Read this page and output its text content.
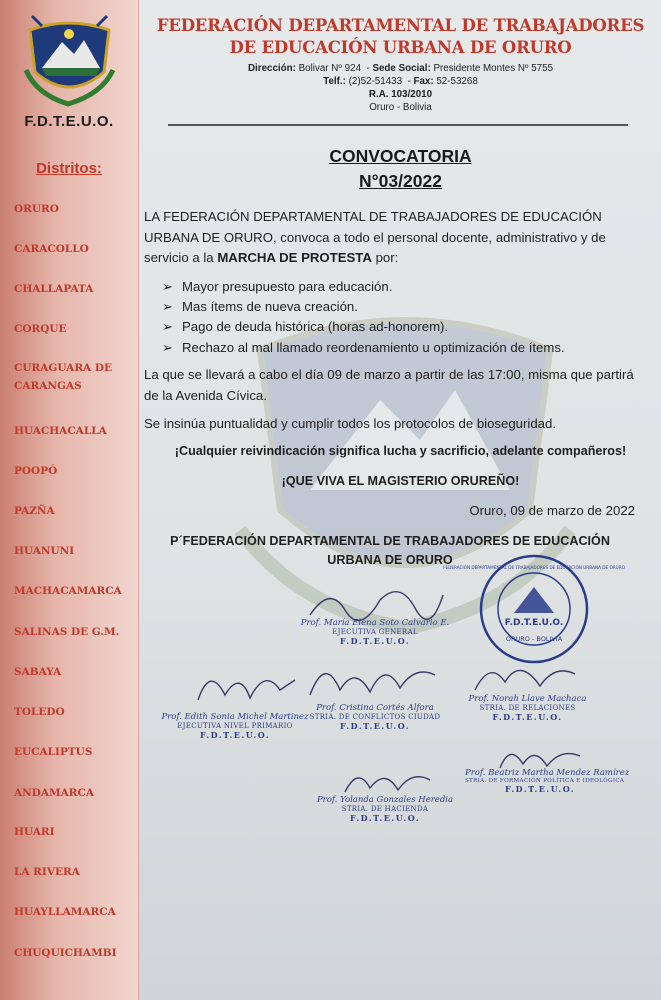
F.D.T.E.U.O.
Distritos:
ORURO
CARACOLLO
CHALLAPATA
CORQUE
CURAGUARA DE CARANGAS
HUACHACALLA
POOPÓ
PAZÑA
HUANUNI
MACHACAMARCA
SALINAS DE G.M.
SABAYA
TOLEDO
EUCALIPTUS
ANDAMARCA
HUARI
LA RIVERA
HUAYLLAMARCA
CHUQUICHAMBI
FEDERACIÓN DEPARTAMENTAL DE TRABAJADORES
DE EDUCACIÓN URBANA DE ORURO
Dirección: Bolivar Nº 924  - Sede Social: Presidente Montes Nº 5755
Telf.: (2)52-51433  - Fax: 52-53268
R.A. 103/2010
Oruro - Bolivia
CONVOCATORIA
N°03/2022
LA FEDERACIÓN DEPARTAMENTAL DE TRABAJADORES DE EDUCACIÓN URBANA DE ORURO, convoca a todo el personal docente, administrativo y de servicio a la MARCHA DE PROTESTA por:
➢ Mayor presupuesto para educación.
➢ Mas ítems de nueva creación.
➢ Pago de deuda histórica (horas ad-honorem).
➢ Rechazo al mal llamado reordenamiento u optimización de ítems.
La que se llevará a cabo el día 09 de marzo a partir de las 17:00, misma que partirá de la Avenida Cívica.
Se insinúa puntualidad y cumplir todos los protocolos de bioseguridad.
¡Cualquier reivindicación significa lucha y sacrificio, adelante compañeros!
¡QUE VIVA EL MAGISTERIO ORUREÑO!
Oruro, 09 de marzo de 2022
P´FEDERACIÓN DEPARTAMENTAL DE TRABAJADORES DE EDUCACIÓN
URBANA DE ORURO
F.D.T.E.U.O.
ORURO - BOLIVIA
FEDERACIÓN DEPARTAMENTAL DE TRABAJADORES DE EDUCACIÓN URBANA DE ORURO
Prof. María Elena Soto Calvario E.
EJECUTIVA GENERAL
F.D.T.E.U.O.
Prof. Edith Sonia Michel Martinez
EJECUTIVA NIVEL PRIMARIO
F.D.T.E.U.O.
Prof. Cristina Cortés Alfora
STRIA. DE CONFLICTOS CIUDAD
F.D.T.E.U.O.
Prof. Norah Llave Machaca
STRIA. DE RELACIONES
F.D.T.E.U.O.
Prof. Yolanda Gonzales Heredia
STRIA. DE HACIENDA
F.D.T.E.U.O.
Prof. Beatriz Martha Mendez Ramírez
STRIA. DE FORMACIÓN POLÍTICA E IDEOLÓGICA
F.D.T.E.U.O.
